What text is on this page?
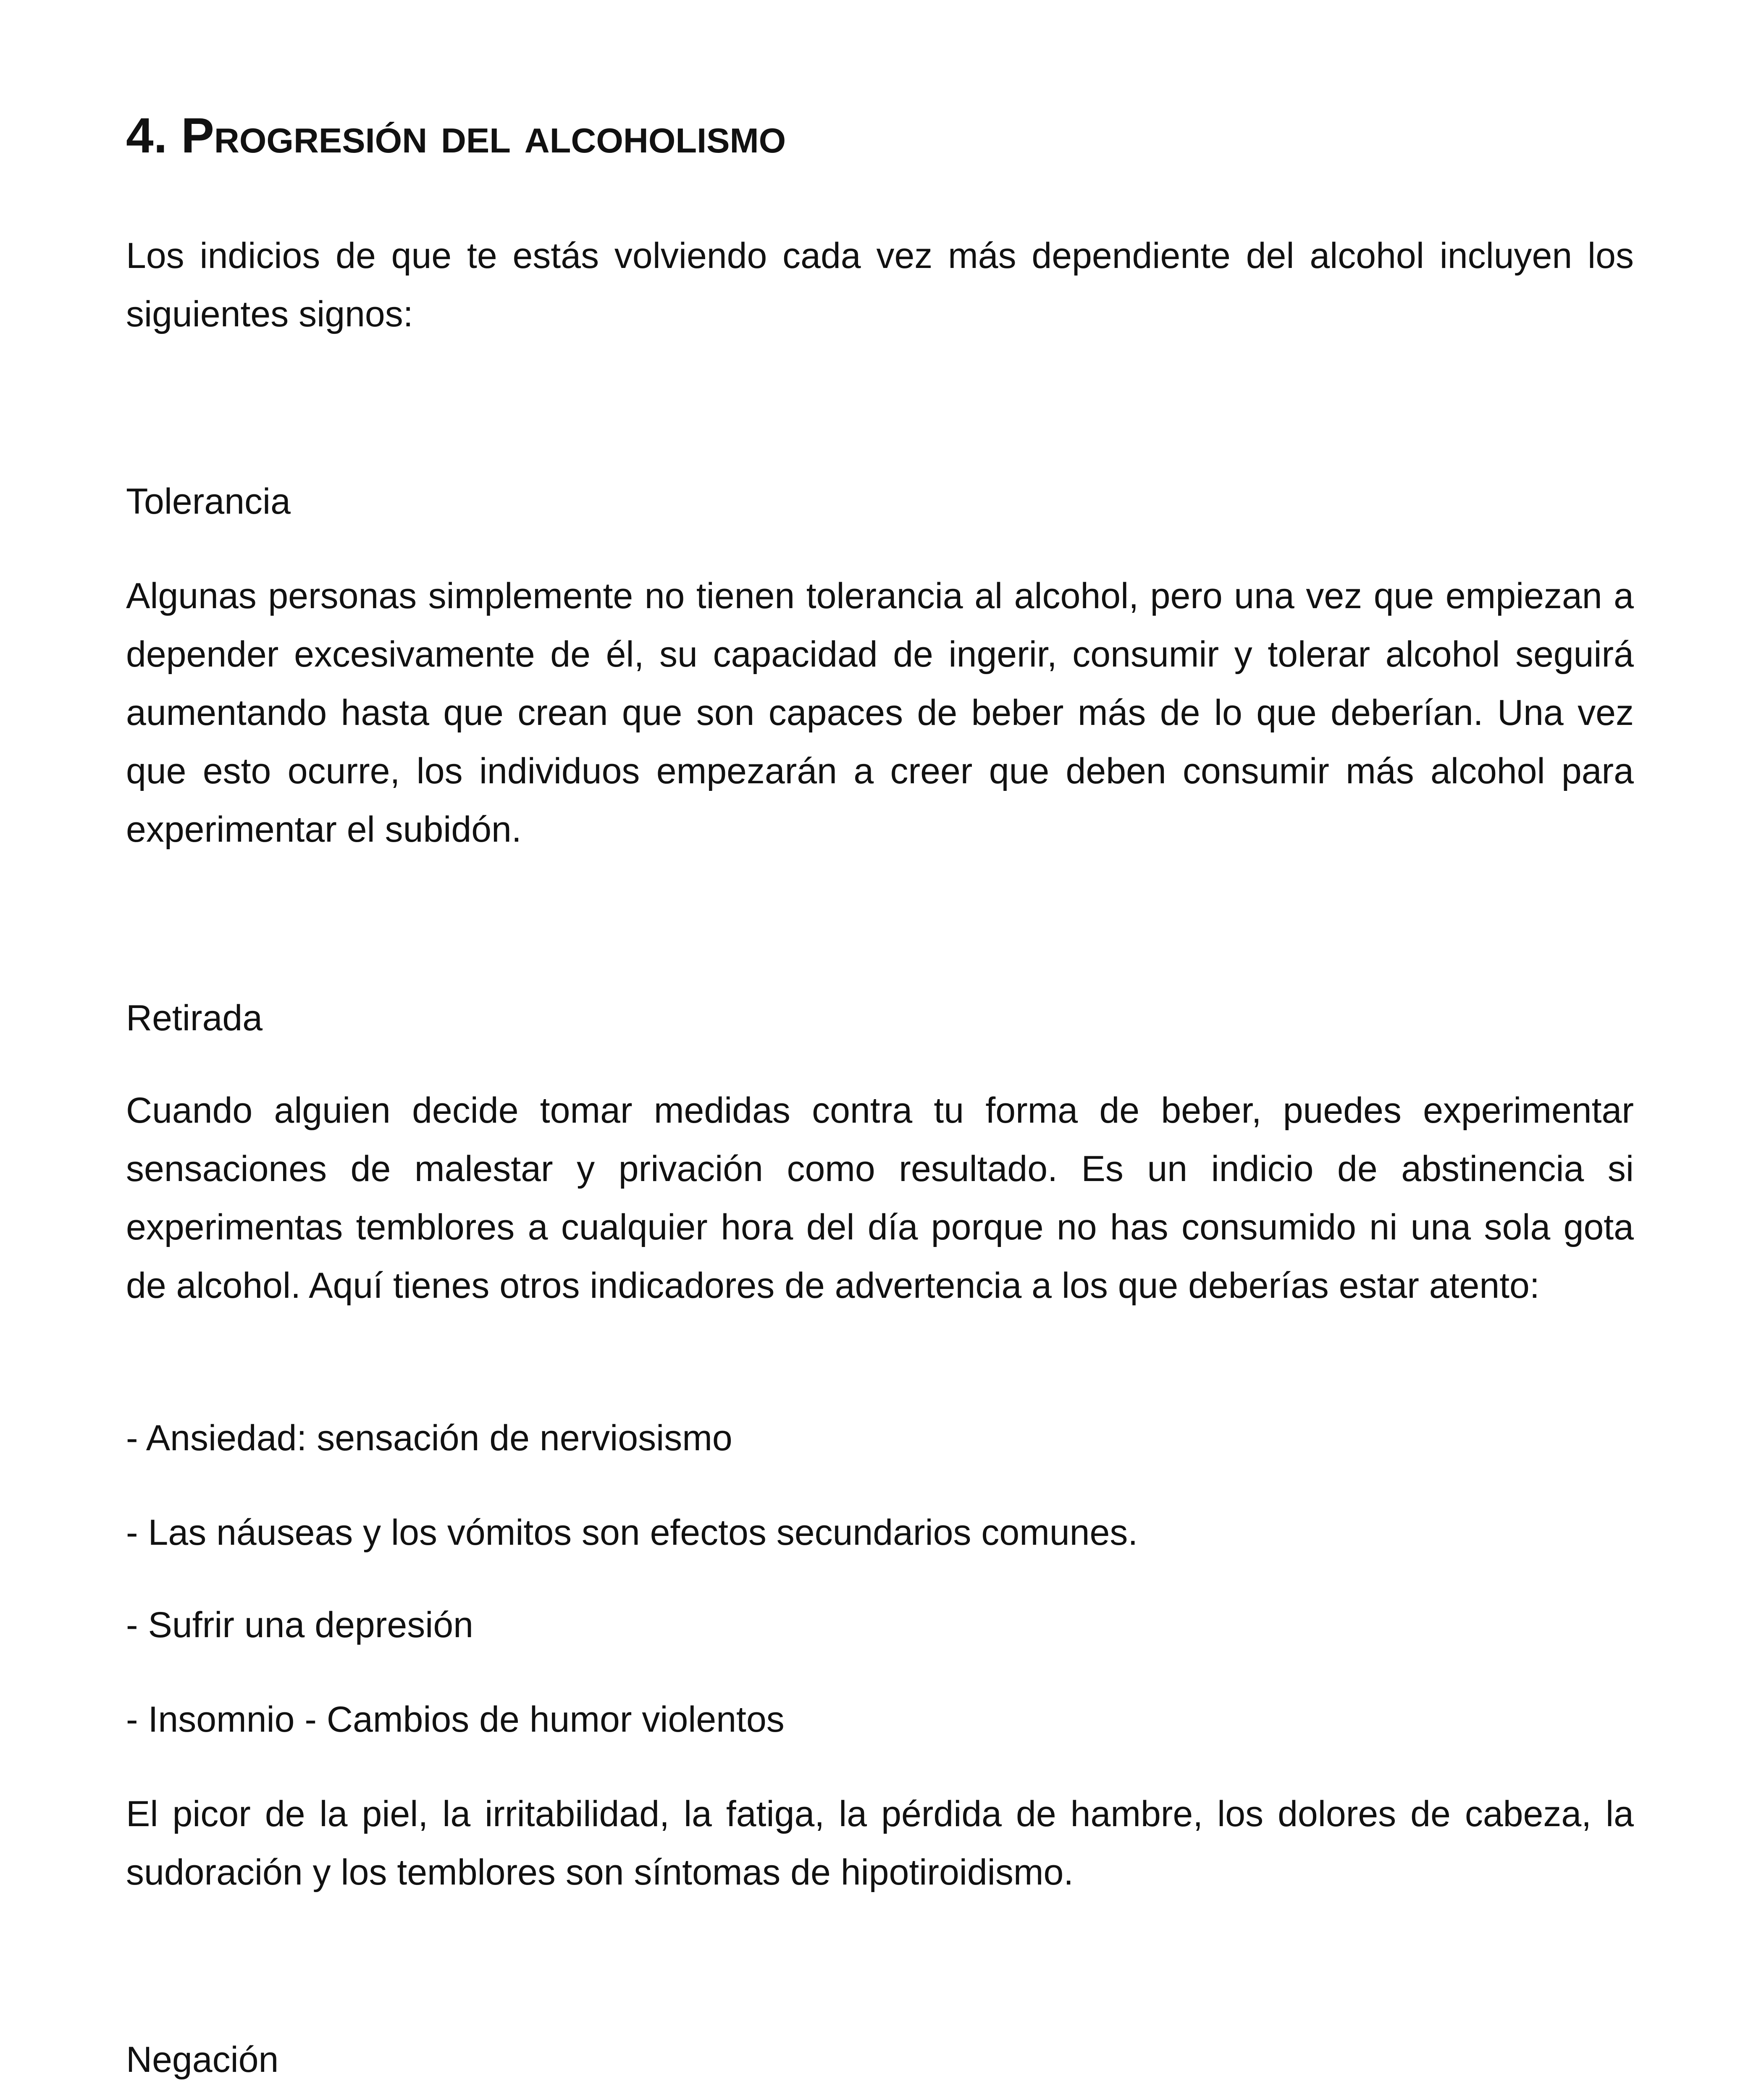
4. Progresión del alcoholismo

Los indicios de que te estás volviendo cada vez más dependiente del alcohol incluyen los siguientes signos:

Tolerancia

Algunas personas simplemente no tienen tolerancia al alcohol, pero una vez que empiezan a depender excesivamente de él, su capacidad de ingerir, consumir y tolerar alcohol seguirá aumentando hasta que crean que son capaces de beber más de lo que deberían. Una vez que esto ocurre, los individuos empezarán a creer que deben consumir más alcohol para experimentar el subidón.

Retirada

Cuando alguien decide tomar medidas contra tu forma de beber, puedes experimentar sensaciones de malestar y privación como resultado. Es un indicio de abstinencia si experimentas temblores a cualquier hora del día porque no has consumido ni una sola gota de alcohol. Aquí tienes otros indicadores de advertencia a los que deberías estar atento:

- Ansiedad: sensación de nerviosismo

- Las náuseas y los vómitos son efectos secundarios comunes.

- Sufrir una depresión

- Insomnio - Cambios de humor violentos

El picor de la piel, la irritabilidad, la fatiga, la pérdida de hambre, los dolores de cabeza, la sudoración y los temblores son síntomas de hipotiroidismo.

Negación
